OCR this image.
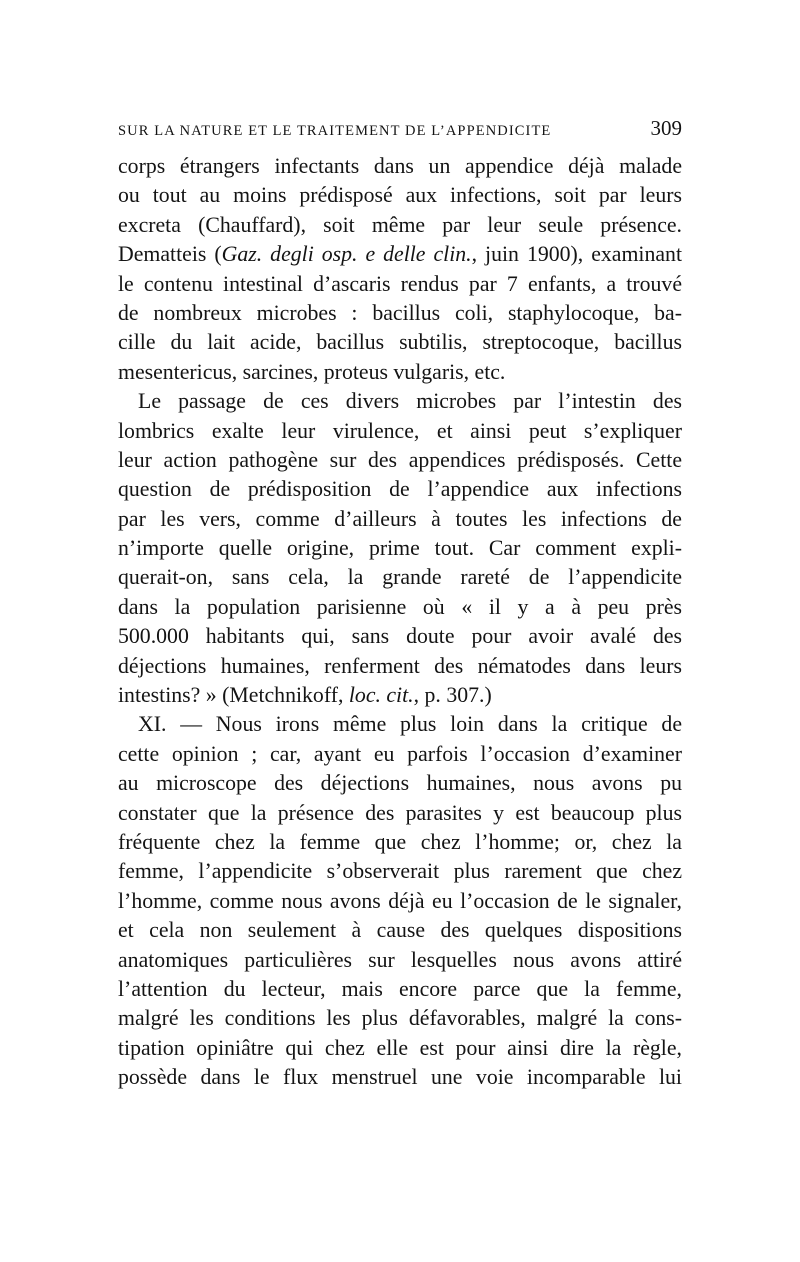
SUR LA NATURE ET LE TRAITEMENT DE L’APPENDICITE	309
corps étrangers infectants dans un appendice déjà malade
ou tout au moins prédisposé aux infections, soit par leurs
excreta (Chauffard), soit même par leur seule présence.
Dematteis (Gaz. degli osp. e delle clin., juin 1900), examinant
le contenu intestinal d’ascaris rendus par 7 enfants, a trouvé
de nombreux microbes : bacillus coli, staphylocoque, ba-
cille du lait acide, bacillus subtilis, streptocoque, bacillus
mesentericus, sarcines, proteus vulgaris, etc.
Le passage de ces divers microbes par l’intestin des
lombrics exalte leur virulence, et ainsi peut s’expliquer
leur action pathogène sur des appendices prédisposés. Cette
question de prédisposition de l’appendice aux infections
par les vers, comme d’ailleurs à toutes les infections de
n’importe quelle origine, prime tout. Car comment expli-
querait-on, sans cela, la grande rareté de l’appendicite
dans la population parisienne où « il y a à peu près
500.000 habitants qui, sans doute pour avoir avalé des
déjections humaines, renferment des nématodes dans leurs
intestins? » (Metchnikoff, loc. cit., p. 307.)
XI. — Nous irons même plus loin dans la critique de
cette opinion ; car, ayant eu parfois l’occasion d’examiner
au microscope des déjections humaines, nous avons pu
constater que la présence des parasites y est beaucoup plus
fréquente chez la femme que chez l’homme; or, chez la
femme, l’appendicite s’observerait plus rarement que chez
l’homme, comme nous avons déjà eu l’occasion de le signaler,
et cela non seulement à cause des quelques dispositions
anatomiques particulières sur lesquelles nous avons attiré
l’attention du lecteur, mais encore parce que la femme,
malgré les conditions les plus défavorables, malgré la cons-
tipation opiniâtre qui chez elle est pour ainsi dire la règle,
possède dans le flux menstruel une voie incomparable lui
